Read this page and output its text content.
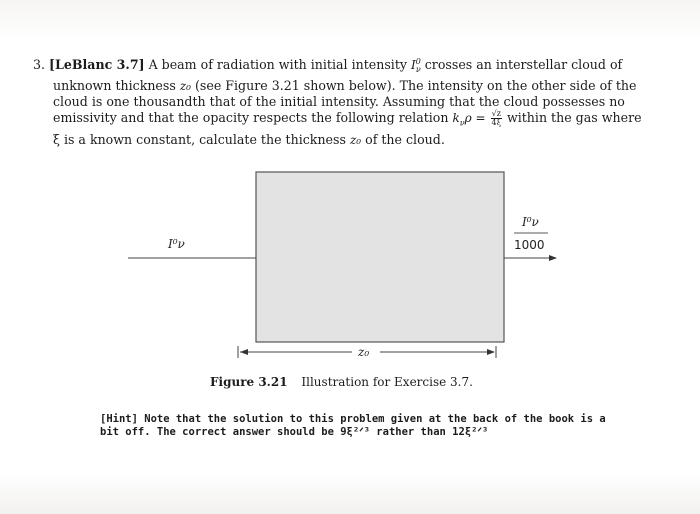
3. [LeBlanc 3.7] A beam of radiation with initial intensity $I^0_\nu$ crosses an interstellar cloud of
unknown thickness z₀ (see Figure 3.21 shown below). The intensity on the other side of the
cloud is one thousandth that of the initial intensity. Assuming that the cloud possesses no
emissivity and that the opacity respects the following relation $k_\nu\rho = \frac{√z}{4\xi}$ within the gas where
ξ is a known constant, calculate the thickness z₀ of the cloud.
I⁰ν
I⁰ν
1000
z₀
Figure 3.21 Illustration for Exercise 3.7.
[Hint] Note that the solution to this problem given at the back of the book is a
bit off. The correct answer should be 9ξ²ᐟ³ rather than 12ξ²ᐟ³
